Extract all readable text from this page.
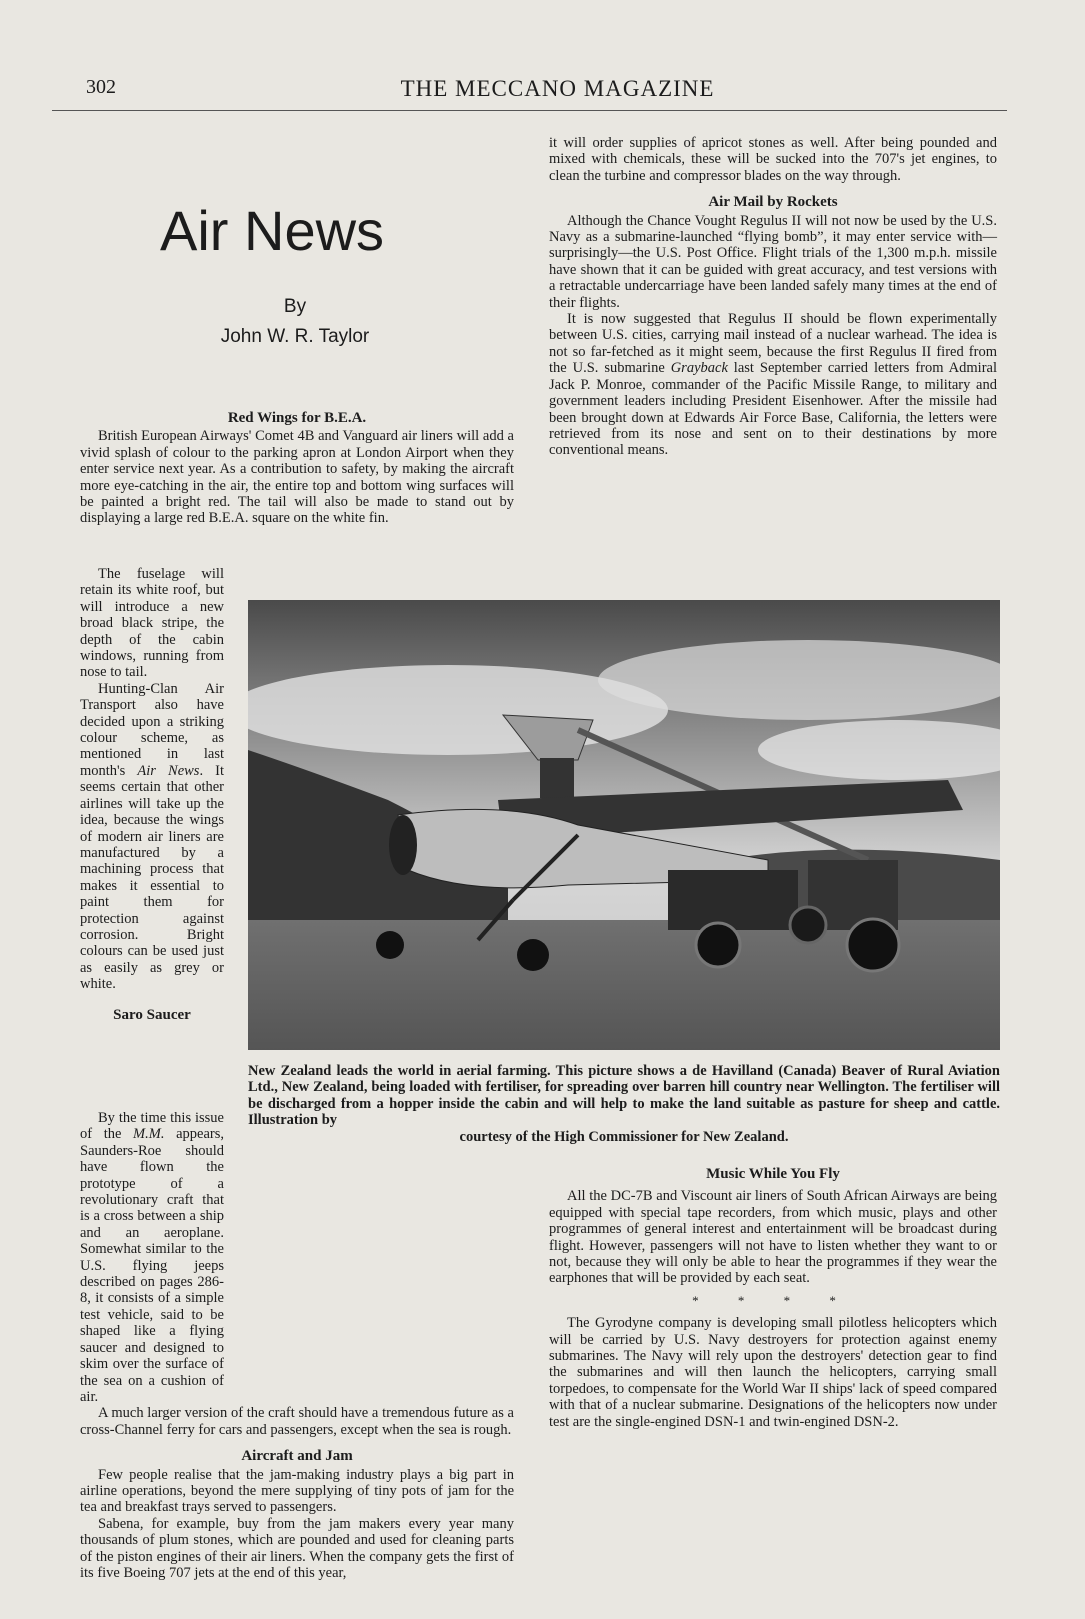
302	THE MECCANO MAGAZINE
Air News
By
John W. R. Taylor

it will order supplies of apricot stones as well. After being pounded and mixed with chemicals, these will be sucked into the 707's jet engines, to clean the turbine and compressor blades on the way through.

Air Mail by Rockets

Although the Chance Vought Regulus II will not now be used by the U.S. Navy as a submarine-launched “flying bomb”, it may enter service with—surprisingly—the U.S. Post Office. Flight trials of the 1,300 m.p.h. missile have shown that it can be guided with great accuracy, and test versions with a retractable undercarriage have been landed safely many times at the end of their flights.

It is now suggested that Regulus II should be flown experimentally between U.S. cities, carrying mail instead of a nuclear warhead. The idea is not so far-fetched as it might seem, because the first Regulus II fired from the U.S. submarine Grayback last September carried letters from Admiral Jack P. Monroe, commander of the Pacific Missile Range, to military and government leaders including President Eisenhower. After the missile had been brought down at Edwards Air Force Base, California, the letters were retrieved from its nose and sent on to their destinations by more conventional means.

Red Wings for B.E.A.

British European Airways' Comet 4B and Vanguard air liners will add a vivid splash of colour to the parking apron at London Airport when they enter service next year. As a contribution to safety, by making the aircraft more eye-catching in the air, the entire top and bottom wing surfaces will be painted a bright red. The tail will also be made to stand out by displaying a large red B.E.A. square on the white fin.

The fuselage will retain its white roof, but will introduce a new broad black stripe, the depth of the cabin windows, running from nose to tail.

Hunting-Clan Air Transport also have decided upon a striking colour scheme, as mentioned in last month's Air News. It seems certain that other airlines will take up the idea, because the wings of modern air liners are manufactured by a machining process that makes it essential to paint them for protection against corrosion. Bright colours can be used just as easily as grey or white.

Saro Saucer

New Zealand leads the world in aerial farming. This picture shows a de Havilland (Canada) Beaver of Rural Aviation Ltd., New Zealand, being loaded with fertiliser, for spreading over barren hill country near Wellington. The fertiliser will be discharged from a hopper inside the cabin and will help to make the land suitable as pasture for sheep and cattle. Illustration by
courtesy of the High Commissioner for New Zealand.

By the time this issue of the M.M. appears, Saunders-Roe should have flown the prototype of a revolutionary craft that is a cross between a ship and an aeroplane. Somewhat similar to the U.S. flying jeeps described on pages 286-8, it consists of a simple test vehicle, said to be shaped like a flying saucer and designed to skim over the surface of the sea on a cushion of air.

A much larger version of the craft should have a tremendous future as a cross-Channel ferry for cars and passengers, except when the sea is rough.

Aircraft and Jam

Few people realise that the jam-making industry plays a big part in airline operations, beyond the mere supplying of tiny pots of jam for the tea and breakfast trays served to passengers.

Sabena, for example, buy from the jam makers every year many thousands of plum stones, which are pounded and used for cleaning parts of the piston engines of their air liners. When the company gets the first of its five Boeing 707 jets at the end of this year,

Music While You Fly

All the DC-7B and Viscount air liners of South African Airways are being equipped with special tape recorders, from which music, plays and other programmes of general interest and entertainment will be broadcast during flight. However, passengers will not have to listen whether they want to or not, because they will only be able to hear the programmes if they wear the earphones that will be provided by each seat.

* * * *

The Gyrodyne company is developing small pilotless helicopters which will be carried by U.S. Navy destroyers for protection against enemy submarines. The Navy will rely upon the destroyers' detection gear to find the submarines and will then launch the helicopters, carrying small torpedoes, to compensate for the World War II ships' lack of speed compared with that of a nuclear submarine. Designations of the helicopters now under test are the single-engined DSN-1 and twin-engined DSN-2.
